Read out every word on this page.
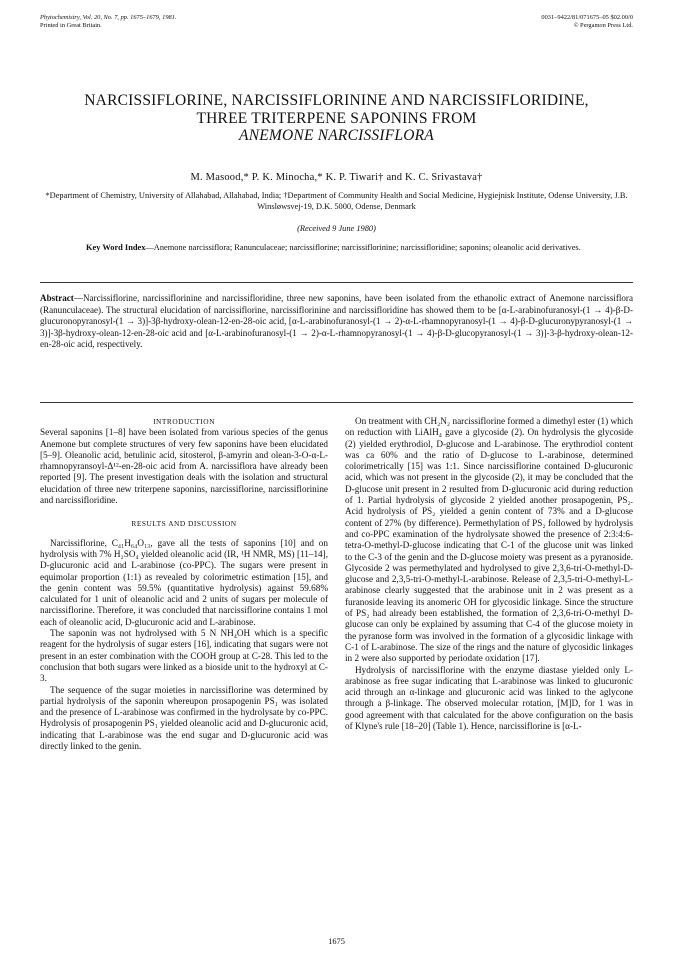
Phytochemistry, Vol. 20, No. 7, pp. 1675–1679, 1981.
Printed in Great Britain.
0031–9422/81/071675–05 $02.00/0
© Pergamon Press Ltd.
NARCISSIFLORINE, NARCISSIFLORININE AND NARCISSIFLORIDINE,
THREE TRITERPENE SAPONINS FROM
ANEMONE NARCISSIFLORA
M. Masood,* P. K. Minocha,* K. P. Tiwari† and K. C. Srivastava†
*Department of Chemistry, University of Allahabad, Allahabad, India; †Department of Community Health and Social Medicine, Hygiejnisk Institute, Odense University, J.B. Winsløwsvej-19, D.K. 5000, Odense, Denmark
(Received 9 June 1980)
Key Word Index—Anemone narcissiflora; Ranunculaceae; narcissiflorine; narcissiflorinine; narcissifloridine; saponins; oleanolic acid derivatives.
Abstract—Narcissiflorine, narcissiflorinine and narcissifloridine, three new saponins, have been isolated from the ethanolic extract of Anemone narcissiflora (Ranunculaceae). The structural elucidation of narcissiflorine, narcissiflorinine and narcissifloridine has showed them to be [α-L-arabinofuranosyl-(1 → 4)-β-D-glucuronopyranosyl-(1 → 3)]-3β-hydroxy-olean-12-en-28-oic acid, [α-L-arabinofuranosyl-(1 → 2)-α-L-rhamnopyranosyl-(1 → 4)-β-D-glucuronypyranosyl-(1 → 3)]-3β-hydroxy-olean-12-en-28-oic acid and [α-L-arabinofuranosyl-(1 → 2)-α-L-rhamnopyranosyl-(1 → 4)-β-D-glucopyranosyl-(1 → 3)]-3-β-hydroxy-olean-12-en-28-oic acid, respectively.

INTRODUCTION

Several saponins [1–8] have been isolated from various species of the genus Anemone but complete structures of very few saponins have been elucidated [5–9]. Oleanolic acid, betulinic acid, sitosterol, β-amyrin and olean-3-O-α-L-rhamnopyransoyl-Δ¹²-en-28-oic acid from A. narcissiflora have already been reported [9]. The present investigation deals with the isolation and structural elucidation of three new triterpene saponins, narcissiflorine, narcissiflorinine and narcissifloridine.

RESULTS AND DISCUSSION

Narcissiflorine, C₄₁H₆₄O₁₃, gave all the tests of saponins [10] and on hydrolysis with 7% H₂SO₄ yielded oleanolic acid (IR, ¹H NMR, MS) [11–14], D-glucuronic acid and L-arabinose (co-PPC). The sugars were present in equimolar proportion (1:1) as revealed by colorimetric estimation [15], and the genin content was 59.5% (quantitative hydrolysis) against 59.68% calculated for 1 unit of oleanolic acid and 2 units of sugars per molecule of narcissiflorine. Therefore, it was concluded that narcissiflorine contains 1 mol each of oleanolic acid, D-glucuronic acid and L-arabinose.

The saponin was not hydrolysed with 5 N NH₄OH which is a specific reagent for the hydrolysis of sugar esters [16], indicating that sugars were not present in an ester combination with the COOH group at C-28. This led to the conclusion that both sugars were linked as a bioside unit to the hydroxyl at C-3.

The sequence of the sugar moieties in narcissiflorine was determined by partial hydrolysis of the saponin whereupon prosapogenin PS₁ was isolated and the presence of L-arabinose was confirmed in the hydrolysate by co-PPC. Hydrolysis of prosapogenin PS₁ yielded oleanolic acid and D-glucuronic acid, indicating that L-arabinose was the end sugar and D-glucuronic acid was directly linked to the genin.

On treatment with CH₂N₂ narcissiflorine formed a dimethyl ester (1) which on reduction with LiAlH₄ gave a glycoside (2). On hydrolysis the glycoside (2) yielded erythrodiol, D-glucose and L-arabinose. The erythrodiol content was ca 60% and the ratio of D-glucose to L-arabinose, determined colorimetrically [15] was 1:1. Since narcissiflorine contained D-glucuronic acid, which was not present in the glycoside (2), it may be concluded that the D-glucose unit present in 2 resulted from D-glucuronic acid during reduction of 1. Partial hydrolysis of glycoside 2 yielded another prosapogenin, PS₂. Acid hydrolysis of PS₂ yielded a genin content of 73% and a D-glucose content of 27% (by difference). Permethylation of PS₂ followed by hydrolysis and co-PPC examination of the hydrolysate showed the presence of 2:3:4:6-tetra-O-methyl-D-glucose indicating that C-1 of the glucose unit was linked to the C-3 of the genin and the D-glucose moiety was present as a pyranoside. Glycoside 2 was permethylated and hydrolysed to give 2,3,6-tri-O-methyl-D-glucose and 2,3,5-tri-O-methyl-L-arabinose. Release of 2,3,5-tri-O-methyl-L-arabinose clearly suggested that the arabinose unit in 2 was present as a furanoside leaving its anomeric OH for glycosidic linkage. Since the structure of PS₂ had already been established, the formation of 2,3,6-tri-O-methyl D-glucose can only be explained by assuming that C-4 of the glucose moiety in the pyranose form was involved in the formation of a glycosidic linkage with C-1 of L-arabinose. The size of the rings and the nature of glycosidic linkages in 2 were also supported by periodate oxidation [17].

Hydrolysis of narcissiflorine with the enzyme diastase yielded only L-arabinose as free sugar indicating that L-arabinose was linked to glucuronic acid through an α-linkage and glucuronic acid was linked to the aglycone through a β-linkage. The observed molecular rotation, [M]D, for 1 was in good agreement with that calculated for the above configuration on the basis of Klyne's rule [18–20] (Table 1). Hence, narcissiflorine is [α-L-

1675
